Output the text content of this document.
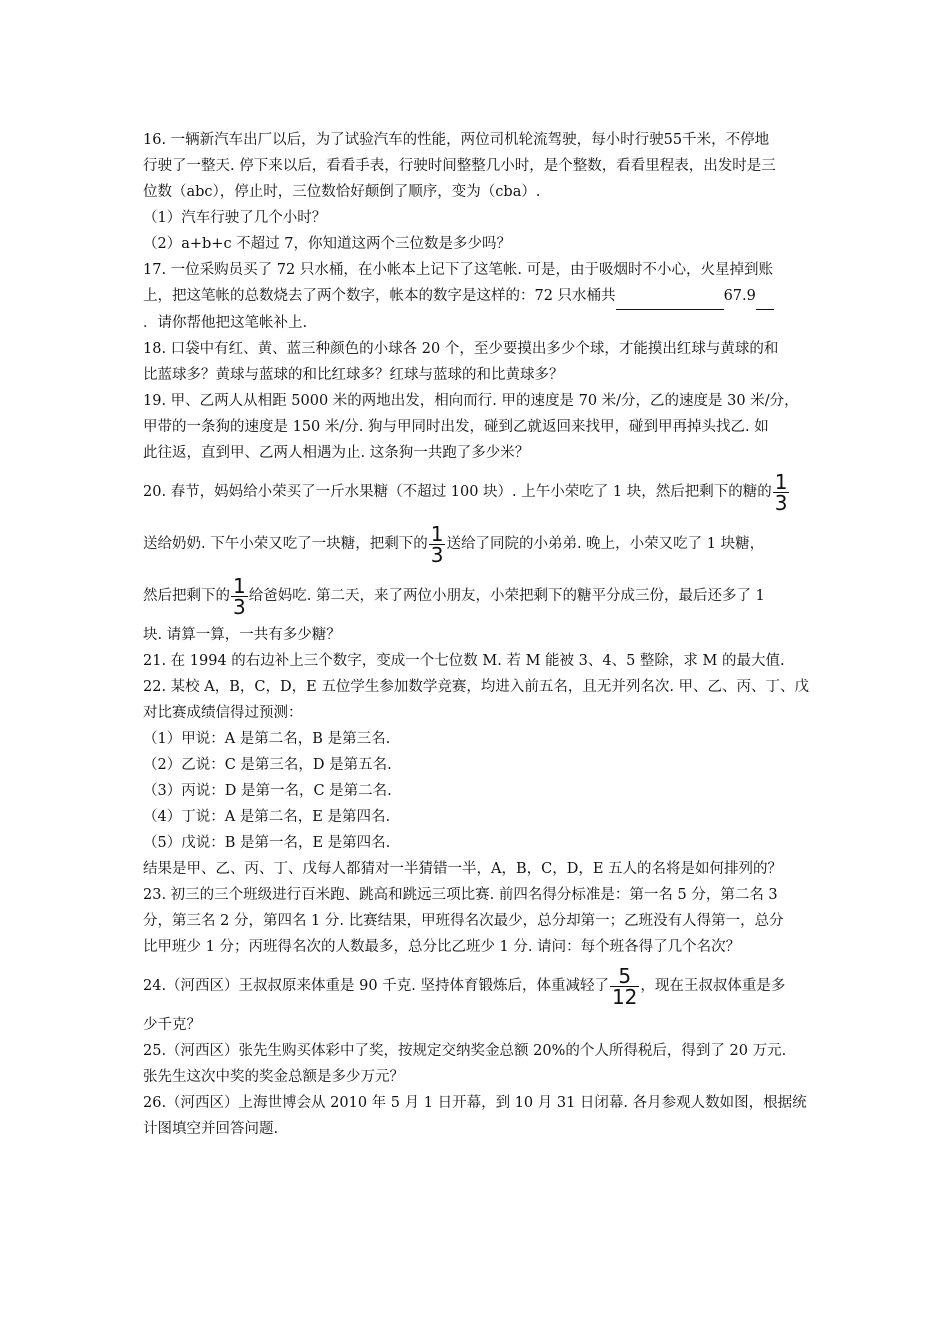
16. 一辆新汽车出厂以后，为了试验汽车的性能，两位司机轮流驾驶，每小时行驶55千米，不停地

行驶了一整天. 停下来以后，看看手表，行驶时间整整几小时，是个整数，看看里程表，出发时是三

位数（abc），停止时，三位数恰好颠倒了顺序，变为（cba）.

（1）汽车行驶了几个小时？

（2）a+b+c 不超过 7，你知道这两个三位数是多少吗？

17. 一位采购员买了 72 只水桶，在小帐本上记下了这笔帐. 可是，由于吸烟时不小心，火星掉到账

上，把这笔帐的总数烧去了两个数字，帐本的数字是这样的：72 只水桶共	67.9

．请你帮他把这笔帐补上.

18. 口袋中有红、黄、蓝三种颜色的小球各 20 个，至少要摸出多少个球，才能摸出红球与黄球的和

比蓝球多？黄球与蓝球的和比红球多？红球与蓝球的和比黄球多？

19. 甲、乙两人从相距 5000 米的两地出发，相向而行. 甲的速度是 70 米/分，乙的速度是 30 米/分，

甲带的一条狗的速度是 150 米/分. 狗与甲同时出发，碰到乙就返回来找甲，碰到甲再掉头找乙. 如

此往返，直到甲、乙两人相遇为止. 这条狗一共跑了多少米？

20. 春节，妈妈给小荣买了一斤水果糖（不超过 100 块）. 上午小荣吃了 1 块，然后把剩下的糖的 $\frac{1}{3}$

送给奶奶. 下午小荣又吃了一块糖，把剩下的 $\frac{1}{3}$ 送给了同院的小弟弟. 晚上，小荣又吃了 1 块糖，

然后把剩下的 $\frac{1}{3}$ 给爸妈吃. 第二天，来了两位小朋友，小荣把剩下的糖平分成三份，最后还多了 1

块. 请算一算，一共有多少糖？

21. 在 1994 的右边补上三个数字，变成一个七位数 M. 若 M 能被 3、4、5 整除，求 M 的最大值.

22. 某校 A，B，C，D，E 五位学生参加数学竞赛，均进入前五名，且无并列名次. 甲、乙、丙、丁、戊

对比赛成绩信得过预测：

（1）甲说：A 是第二名，B 是第三名.

（2）乙说：C 是第三名，D 是第五名.

（3）丙说：D 是第一名，C 是第二名.

（4）丁说：A 是第二名，E 是第四名.

（5）戊说：B 是第一名，E 是第四名.

结果是甲、乙、丙、丁、戊每人都猜对一半猜错一半，A，B，C，D，E 五人的名将是如何排列的？

23. 初三的三个班级进行百米跑、跳高和跳远三项比赛. 前四名得分标准是：第一名 5 分，第二名 3

分，第三名 2 分，第四名 1 分. 比赛结果，甲班得名次最少，总分却第一；乙班没有人得第一，总分

比甲班少 1 分；丙班得名次的人数最多，总分比乙班少 1 分. 请问：每个班各得了几个名次？

24.（河西区）王叔叔原来体重是 90 千克. 坚持体育锻炼后，体重减轻了 $\frac{5}{12}$ ，现在王叔叔体重是多

少千克？

25.（河西区）张先生购买体彩中了奖，按规定交纳奖金总额 20%的个人所得税后，得到了 20 万元.

张先生这次中奖的奖金总额是多少万元？

26.（河西区）上海世博会从 2010 年 5 月 1 日开幕，到 10 月 31 日闭幕. 各月参观人数如图，根据统

计图填空并回答问题.
